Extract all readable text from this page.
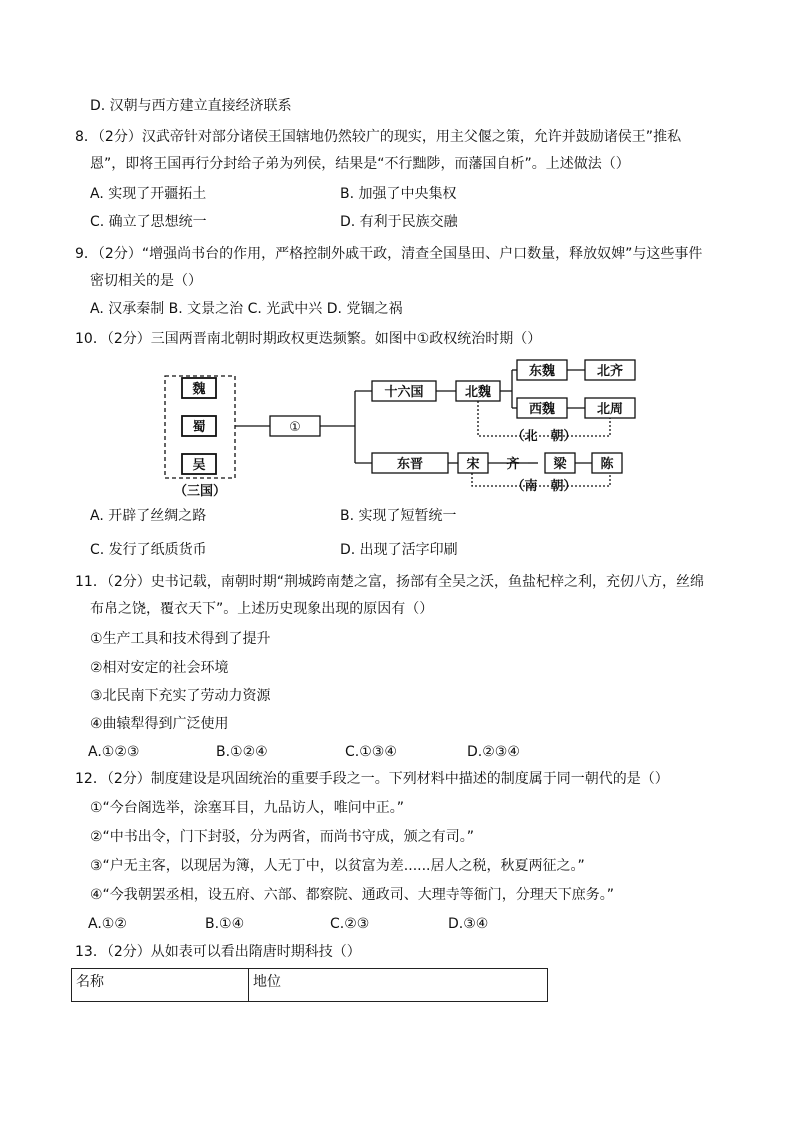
D. 汉朝与西方建立直接经济联系
8．（2分）汉武帝针对部分诸侯王国辖地仍然较广的现实，用主父偃之策，允许并鼓励诸侯王”推私
恩”，即将王国再行分封给子弟为列侯，结果是“不行黜陟，而藩国自析”。上述做法（）
A. 实现了开疆拓土	B. 加强了中央集权
C. 确立了思想统一	D. 有利于民族交融
9．（2分）“增强尚书台的作用，严格控制外戚干政，清查全国垦田、户口数量，释放奴婢”与这些事件
密切相关的是（）
A. 汉承秦制 B. 文景之治 C. 光武中兴 D. 党锢之祸
10．（2分）三国两晋南北朝时期政权更迭频繁。如图中①政权统治时期（）
魏
蜀
吴
（三国）
①
十六国	北魏
东魏	北齐
西魏	北周
（北　朝）
东晋	宋 齐	梁	陈
（南　朝）
A. 开辟了丝绸之路	B. 实现了短暂统一
C. 发行了纸质货币	D. 出现了活字印刷
11．（2分）史书记载，南朝时期“荆城跨南楚之富，扬部有全吴之沃，鱼盐杞梓之利，充仞八方，丝绵
布帛之饶，覆衣天下”。上述历史现象出现的原因有（）
①生产工具和技术得到了提升
②相对安定的社会环境
③北民南下充实了劳动力资源
④曲辕犁得到广泛使用
A.①②③	B.①②④	C.①③④	D.②③④
12．（2分）制度建设是巩固统治的重要手段之一。下列材料中描述的制度属于同一朝代的是（）
①“今台阁选举，涂塞耳目，九品访人，唯问中正。”
②“中书出令，门下封驳，分为两省，而尚书守成，颁之有司。”
③“户无主客，以现居为簿，人无丁中，以贫富为差......居人之税，秋夏两征之。”
④“今我朝罢丞相，设五府、六部、都察院、通政司、大理寺等衙门，分理天下庶务。”
A.①②	B.①④	C.②③	D.③④
13．（2分）从如表可以看出隋唐时期科技（）
名称	地位
